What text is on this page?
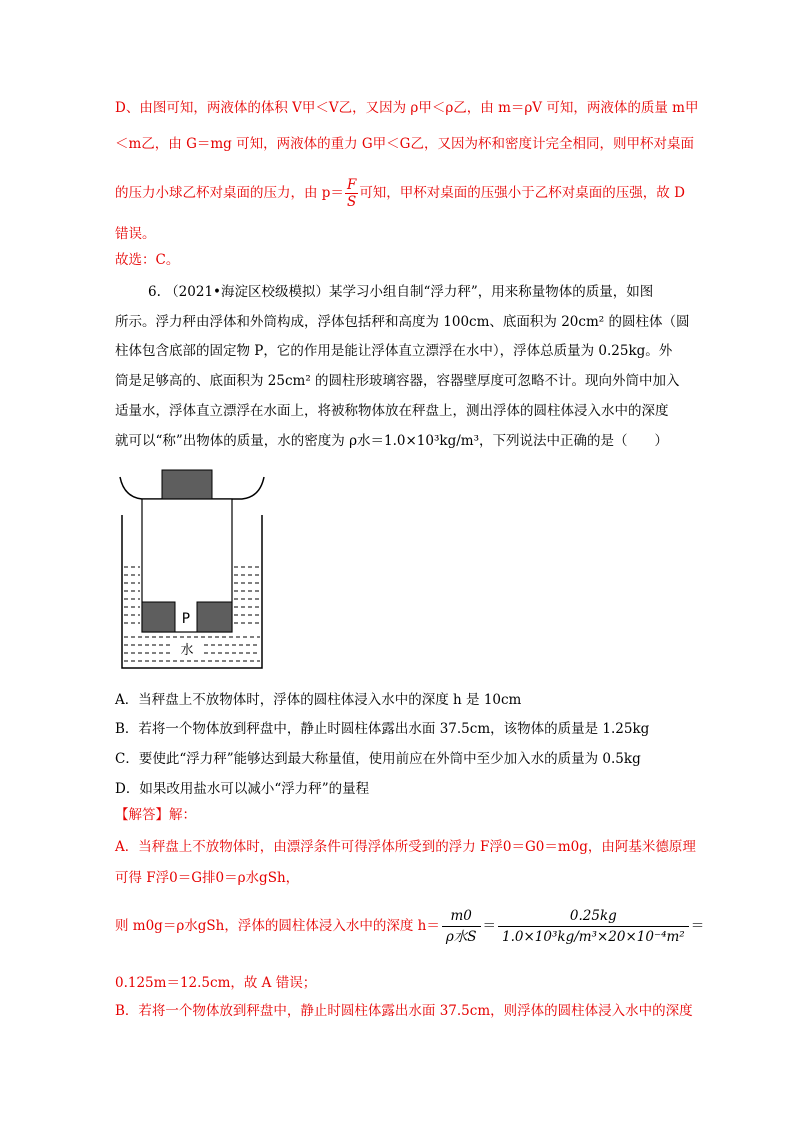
D、由图可知，两液体的体积 V甲＜V乙，又因为 ρ甲＜ρ乙，由 m＝ρV 可知，两液体的质量 m甲
＜m乙，由 G＝mg 可知，两液体的重力 G甲＜G乙，又因为杯和密度计完全相同，则甲杯对桌面
的压力小球乙杯对桌面的压力，由 $p= \frac{F}{S}$ 可知，甲杯对桌面的压强小于乙杯对桌面的压强，故 D
错误。
故选：C。
6. （2021•海淀区校级模拟）某学习小组自制“浮力秤”，用来称量物体的质量，如图
所示。浮力秤由浮体和外筒构成，浮体包括秤和高度为 100cm、底面积为 20cm² 的圆柱体（圆
柱体包含底部的固定物 P，它的作用是能让浮体直立漂浮在水中），浮体总质量为 0.25kg。外
筒是足够高的、底面积为 25cm² 的圆柱形玻璃容器，容器壁厚度可忽略不计。现向外筒中加入
适量水，浮体直立漂浮在水面上，将被称物体放在秤盘上，测出浮体的圆柱体浸入水中的深度
就可以“称”出物体的质量，水的密度为 ρ水＝1.0×10³kg/m³，下列说法中正确的是（　　）
P
水
A．当秤盘上不放物体时，浮体的圆柱体浸入水中的深度 h 是 10cm
B．若将一个物体放到秤盘中，静止时圆柱体露出水面 37.5cm，该物体的质量是 1.25kg
C．要使此“浮力秤”能够达到最大称量值，使用前应在外筒中至少加入水的质量为 0.5kg
D．如果改用盐水可以减小“浮力秤”的量程
【解答】解：
A．当秤盘上不放物体时，由漂浮条件可得浮体所受到的浮力 F浮0＝G0＝m0g，由阿基米德原理
可得 F浮0＝G排0＝ρ水gSh，
则 m0g＝ρ水gSh，浮体的圆柱体浸入水中的深度 h＝
m0
ρ水S
＝ $\frac{0.25kg}{\text{1.0×10³kg/m³×20×10⁻⁴m²}}$ ＝
0.125m＝12.5cm，故 A 错误；
B．若将一个物体放到秤盘中，静止时圆柱体露出水面 37.5cm，则浮体的圆柱体浸入水中的深度
